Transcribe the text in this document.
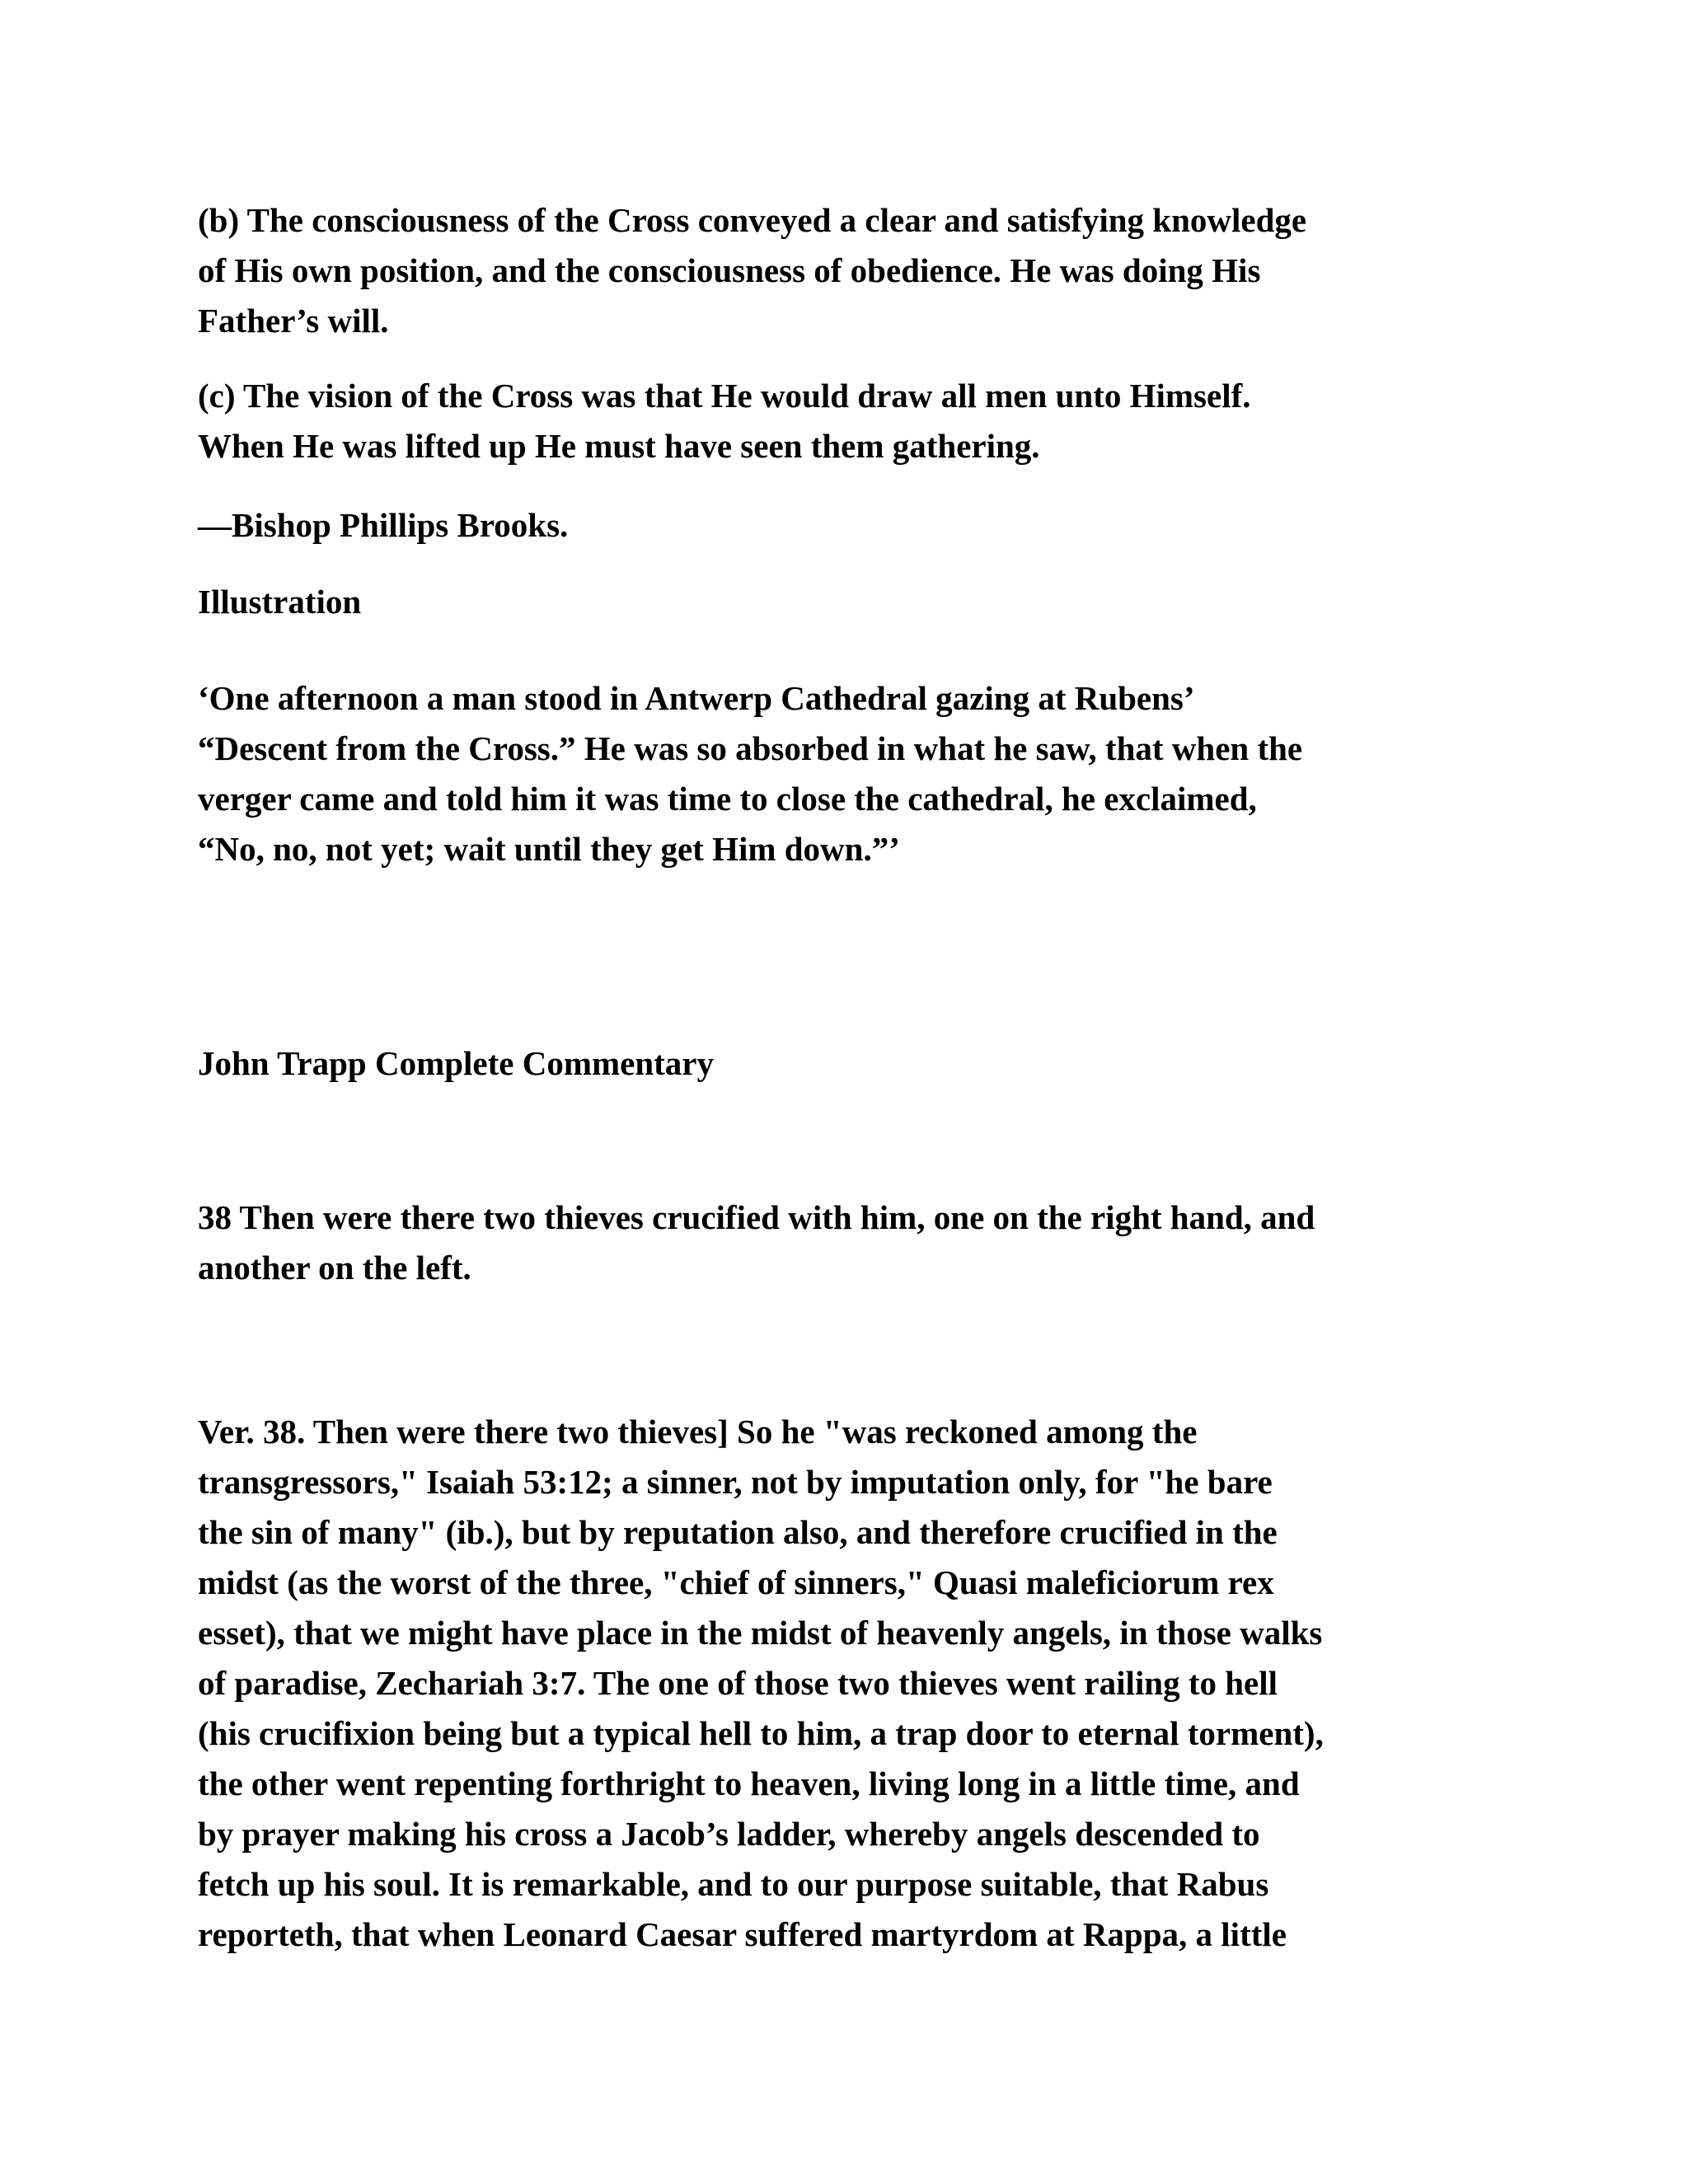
(b) The consciousness of the Cross conveyed a clear and satisfying knowledge
of His own position, and the consciousness of obedience. He was doing His
Father’s will.
(c) The vision of the Cross was that He would draw all men unto Himself.
When He was lifted up He must have seen them gathering.
—Bishop Phillips Brooks.
Illustration
‘One afternoon a man stood in Antwerp Cathedral gazing at Rubens’
“Descent from the Cross.” He was so absorbed in what he saw, that when the
verger came and told him it was time to close the cathedral, he exclaimed,
“No, no, not yet; wait until they get Him down.”’
John Trapp Complete Commentary
38 Then were there two thieves crucified with him, one on the right hand, and
another on the left.
Ver. 38. Then were there two thieves] So he "was reckoned among the
transgressors," Isaiah 53:12; a sinner, not by imputation only, for "he bare
the sin of many" (ib.), but by reputation also, and therefore crucified in the
midst (as the worst of the three, "chief of sinners," Quasi maleficiorum rex
esset), that we might have place in the midst of heavenly angels, in those walks
of paradise, Zechariah 3:7. The one of those two thieves went railing to hell
(his crucifixion being but a typical hell to him, a trap door to eternal torment),
the other went repenting forthright to heaven, living long in a little time, and
by prayer making his cross a Jacob’s ladder, whereby angels descended to
fetch up his soul. It is remarkable, and to our purpose suitable, that Rabus
reporteth, that when Leonard Caesar suffered martyrdom at Rappa, a little
